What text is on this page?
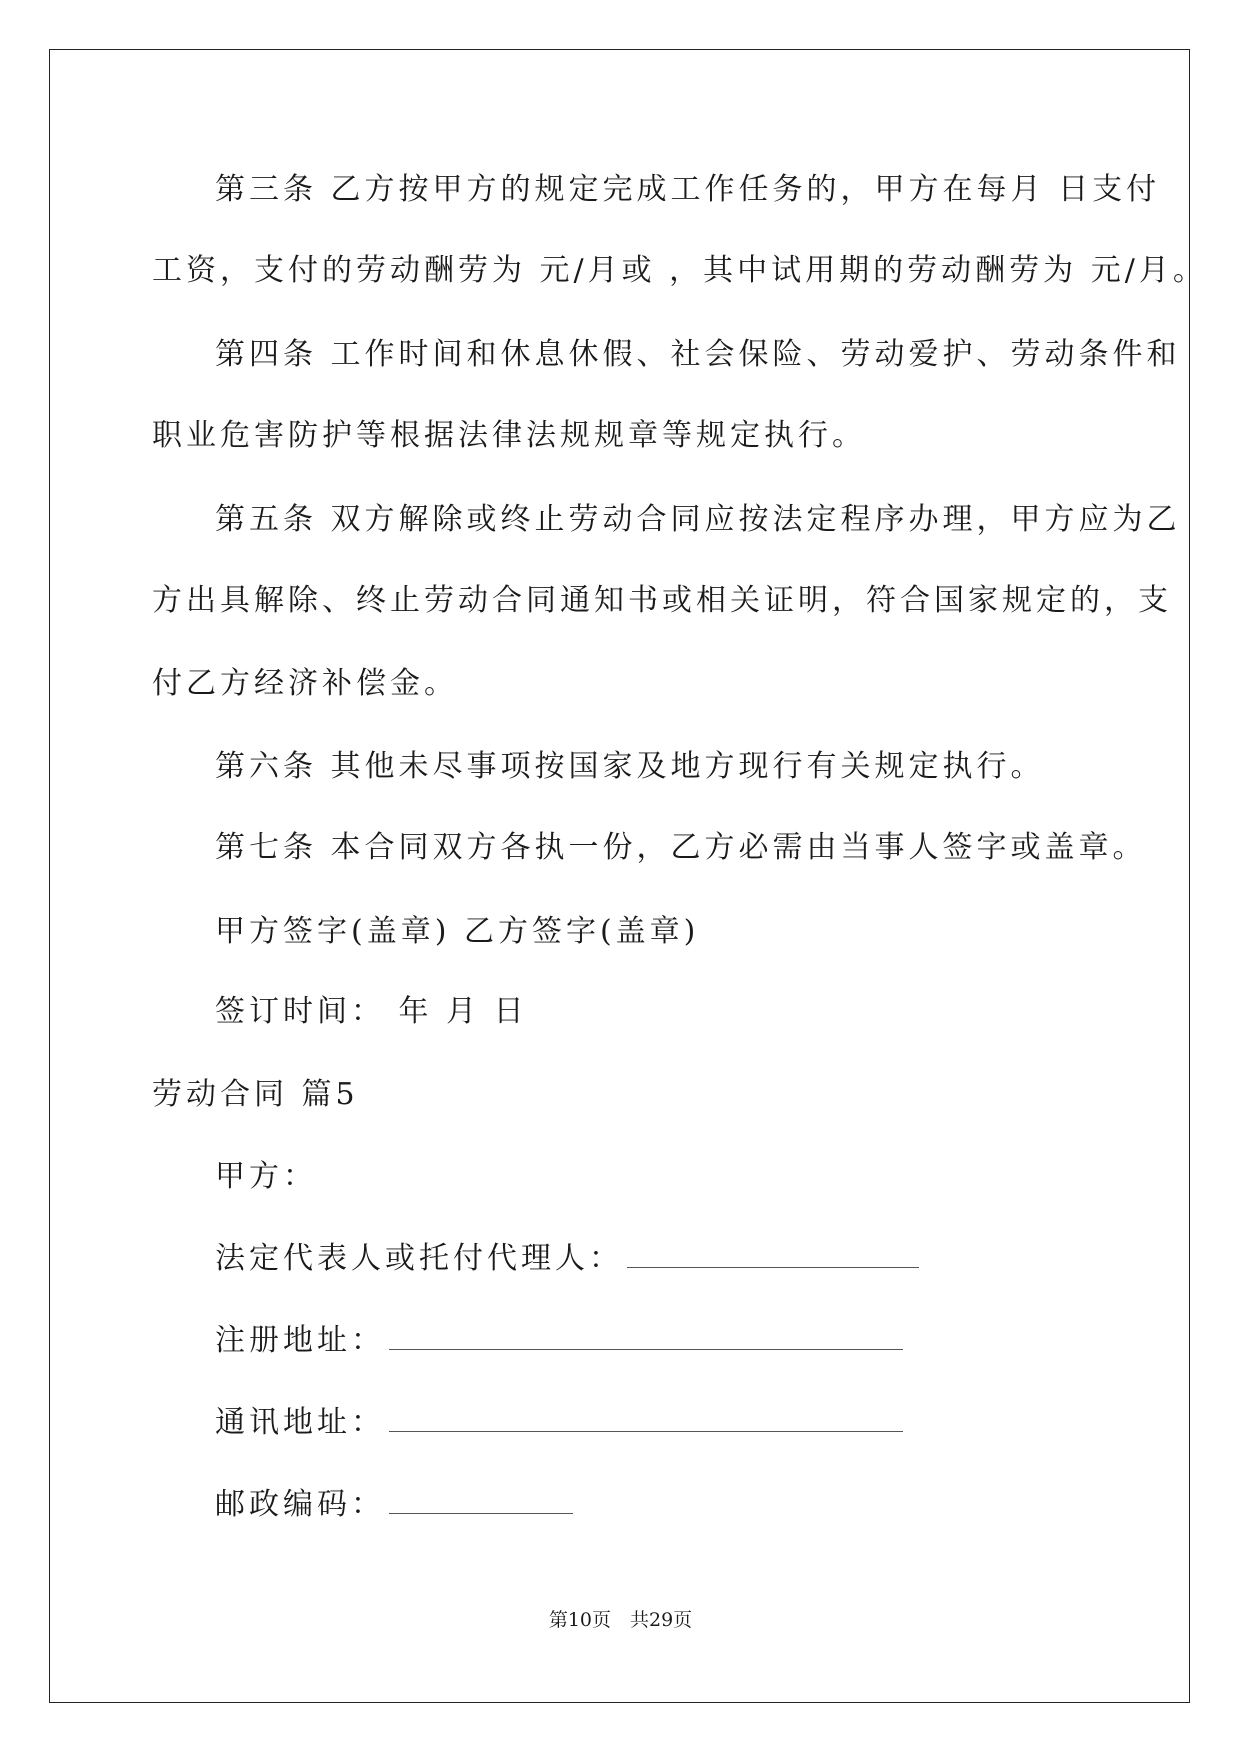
第三条 乙方按甲方的规定完成工作任务的，甲方在每月 日支付

工资，支付的劳动酬劳为 元/月或 ，其中试用期的劳动酬劳为 元/月。

第四条 工作时间和休息休假、社会保险、劳动爱护、劳动条件和

职业危害防护等根据法律法规规章等规定执行。

第五条 双方解除或终止劳动合同应按法定程序办理，甲方应为乙

方出具解除、终止劳动合同通知书或相关证明，符合国家规定的，支

付乙方经济补偿金。

第六条 其他未尽事项按国家及地方现行有关规定执行。

第七条 本合同双方各执一份，乙方必需由当事人签字或盖章。

甲方签字(盖章) 乙方签字(盖章)

签订时间： 年 月 日

劳动合同 篇5

甲方：

法定代表人或托付代理人：

注册地址：

通讯地址：

邮政编码：

第10页　共29页
